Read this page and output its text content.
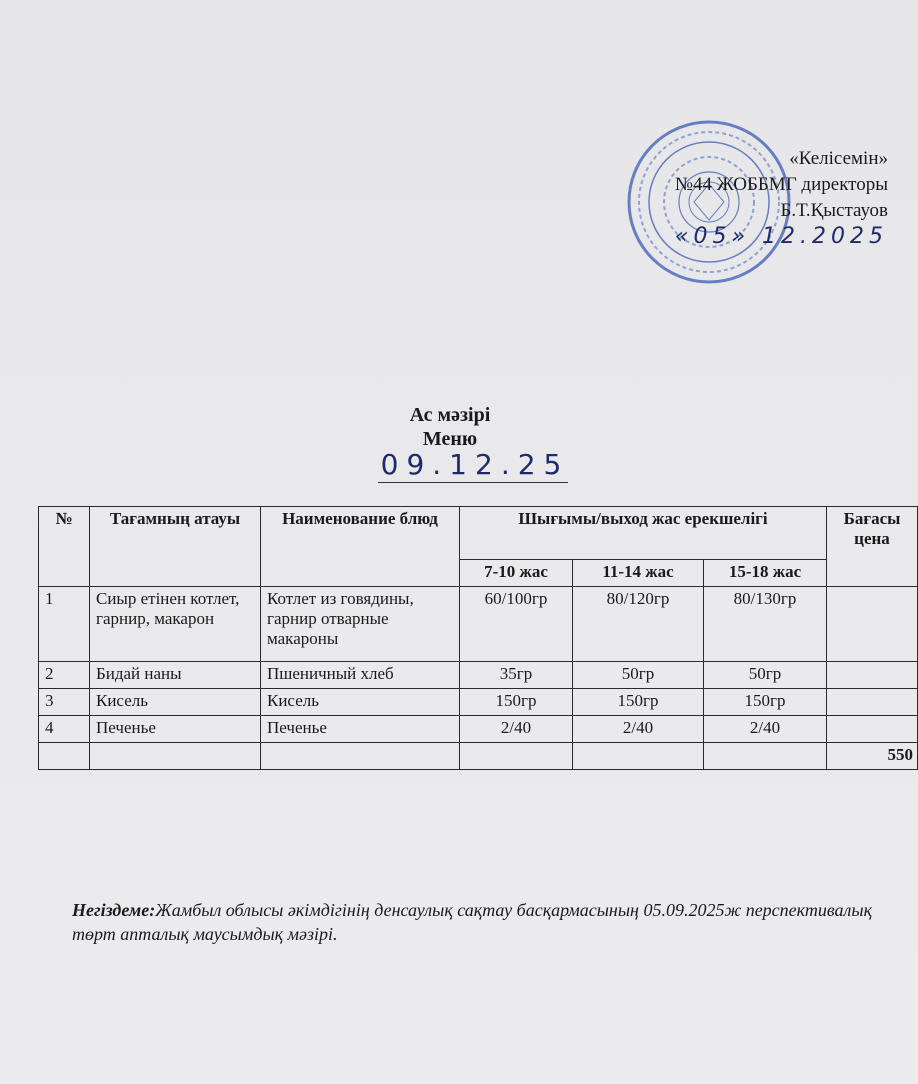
«Келісемін»
№44 ЖОББМГ директоры
Б.Т.Қыстауов
«05» 12.2025
Ас мәзірі
Меню
09.12.25
№	Тағамның атауы	Наименование блюд	Шығымы/выход жас ерекшелігі			Бағасы цена
			7-10 жас	11-14 жас	15-18 жас	
1	Сиыр етінен котлет, гарнир, макарон	Котлет из говядины, гарнир отварные макароны	60/100гр	80/120гр	80/130гр	
2	Бидай наны	Пшеничный хлеб	35гр	50гр	50гр	
3	Кисель	Кисель	150гр	150гр	150гр	
4	Печенье	Печенье	2/40	2/40	2/40	
						550
Негіздеме:Жамбыл облысы әкімдігінің денсаулық сақтау басқармасының 05.09.2025ж перспективалық төрт апталық маусымдық мәзірі.
